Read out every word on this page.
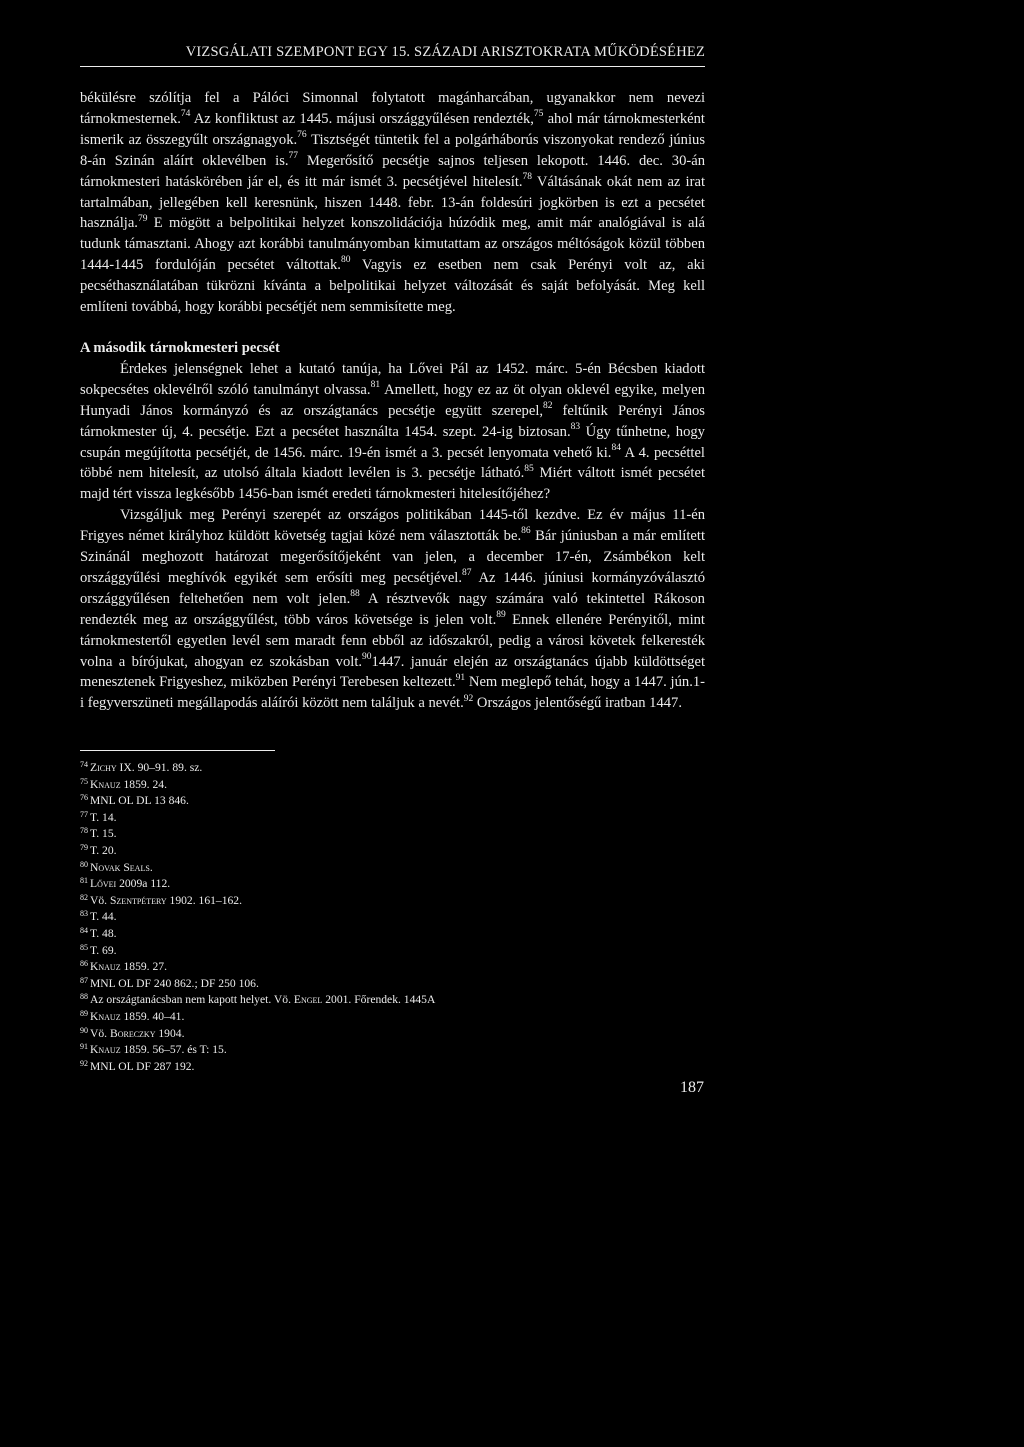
VIZSGÁLATI SZEMPONT EGY 15. SZÁZADI ARISZTOKRATA MŰKÖDÉSÉHEZ

békülésre szólítja fel a Pálóci Simonnal folytatott magánharcában, ugyanakkor nem nevezi tárnokmesternek.$^{74}$ Az konfliktust az 1445. májusi országgyűlésen rendezték,$^{75}$ ahol már tárnokmesterként ismerik az összegyűlt országnagyok.$^{76}$ Tisztségét tüntetik fel a polgárháborús viszonyokat rendező június 8-án Szinán aláírt oklevélben is.$^{77}$ Megerősítő pecsétje sajnos teljesen lekopott. 1446. dec. 30-án tárnokmesteri hatáskörében jár el, és itt már ismét 3. pecsétjével hitelesít.$^{78}$ Váltásának okát nem az irat tartalmában, jellegében kell keresnünk, hiszen 1448. febr. 13-án foldesúri jogkörben is ezt a pecsétet használja.$^{79}$ E mögött a belpolitikai helyzet konszolidációja húzódik meg, amit már analógiával is alá tudunk támasztani. Ahogy azt korábbi tanulmányomban kimutattam az országos méltóságok közül többen 1444-1445 fordulóján pecsétet váltottak.$^{80}$ Vagyis ez esetben nem csak Perényi volt az, aki pecséthasználatában tükrözni kívánta a belpolitikai helyzet változását és saját befolyását. Meg kell említeni továbbá, hogy korábbi pecsétjét nem semmisítette meg.

A második tárnokmesteri pecsét

Érdekes jelenségnek lehet a kutató tanúja, ha Lővei Pál az 1452. márc. 5-én Bécsben kiadott sokpecsétes oklevélről szóló tanulmányt olvassa.$^{81}$ Amellett, hogy ez az öt olyan oklevél egyike, melyen Hunyadi János kormányzó és az országtanács pecsétje együtt szerepel,$^{82}$ feltűnik Perényi János tárnokmester új, 4. pecsétje. Ezt a pecsétet használta 1454. szept. 24-ig biztosan.$^{83}$ Úgy tűnhetne, hogy csupán megújította pecsétjét, de 1456. márc. 19-én ismét a 3. pecsét lenyomata vehető ki.$^{84}$ A 4. pecséttel többé nem hitelesít, az utolsó általa kiadott levélen is 3. pecsétje látható.$^{85}$ Miért váltott ismét pecsétet majd tért vissza legkésőbb 1456-ban ismét eredeti tárnokmesteri hitelesítőjéhez?

Vizsgáljuk meg Perényi szerepét az országos politikában 1445-től kezdve. Ez év május 11-én Frigyes német királyhoz küldött követség tagjai közé nem választották be.$^{86}$ Bár júniusban a már említett Szinánál meghozott határozat megerősítőjeként van jelen, a december 17-én, Zsámbékon kelt országgyűlési meghívók egyikét sem erősíti meg pecsétjével.$^{87}$ Az 1446. júniusi kormányzóválasztó országgyűlésen feltehetően nem volt jelen.$^{88}$ A résztvevők nagy számára való tekintettel Rákoson rendezték meg az országgyűlést, több város követsége is jelen volt.$^{89}$ Ennek ellenére Perényitől, mint tárnokmestertől egyetlen levél sem maradt fenn ebből az időszakról, pedig a városi követek felkeresték volna a bírójukat, ahogyan ez szokásban volt.$^{90}$1447. január elején az országtanács újabb küldöttséget menesztenek Frigyeshez, miközben Perényi Terebesen keltezett.$^{91}$ Nem meglepő tehát, hogy a 1447. jún.1-i fegyverszüneti megállapodás aláírói között nem találjuk a nevét.$^{92}$ Országos jelentőségű iratban 1447.

$^{74}$ Zichy IX. 90–91. 89. sz.
$^{75}$ Knauz 1859. 24.
$^{76}$ MNL OL DL 13 846.
$^{77}$ T. 14.
$^{78}$ T. 15.
$^{79}$ T. 20.
$^{80}$ Novak Seals.
$^{81}$ Lővei 2009a 112.
$^{82}$ Vö. Szentpétery 1902. 161–162.
$^{83}$ T. 44.
$^{84}$ T. 48.
$^{85}$ T. 69.
$^{86}$ Knauz 1859. 27.
$^{87}$ MNL OL DF 240 862.; DF 250 106.
$^{88}$ Az országtanácsban nem kapott helyet. Vö. Engel 2001. Főrendek. 1445A
$^{89}$ Knauz 1859. 40–41.
$^{90}$ Vö. Boreczky 1904.
$^{91}$ Knauz 1859. 56–57. és T: 15.
$^{92}$ MNL OL DF 287 192.
187
